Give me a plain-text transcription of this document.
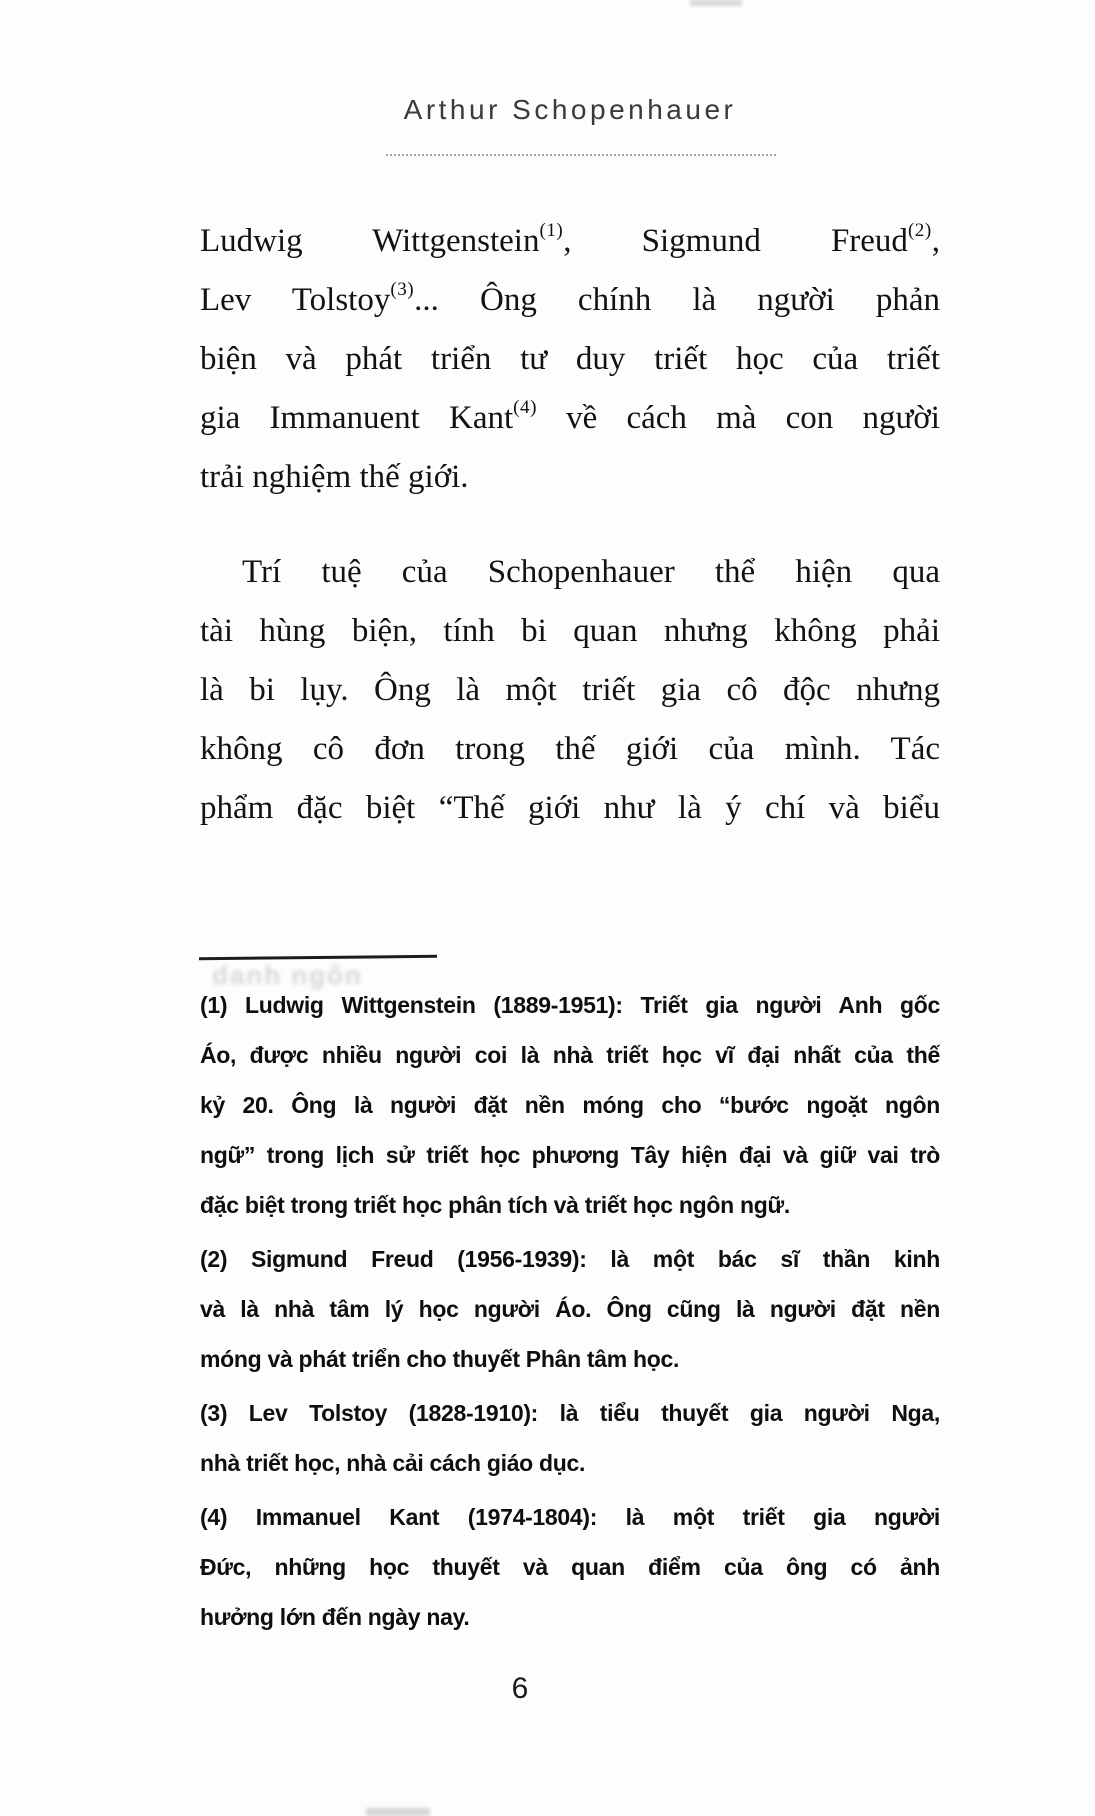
Arthur Schopenhauer
Ludwig Wittgenstein$^{(1)}$, Sigmund Freud$^{(2)}$,
Lev Tolstoy$^{(3)}$... Ông chính là người phản
biện và phát triển tư duy triết học của triết
gia Immanuent Kant$^{(4)}$ về cách mà con người
trải nghiệm thế giới.
Trí tuệ của Schopenhauer thể hiện qua
tài hùng biện, tính bi quan nhưng không phải
là bi lụy. Ông là một triết gia cô độc nhưng
không cô đơn trong thế giới của mình. Tác
phẩm đặc biệt “Thế giới như là ý chí và biểu
danh ngôn
(1) Ludwig Wittgenstein (1889-1951): Triết gia người Anh gốc
Áo, được nhiều người coi là nhà triết học vĩ đại nhất của thế
kỷ 20. Ông là người đặt nền móng cho “bước ngoặt ngôn
ngữ” trong lịch sử triết học phương Tây hiện đại và giữ vai trò
đặc biệt trong triết học phân tích và triết học ngôn ngữ.
(2) Sigmund Freud (1956-1939): là một bác sĩ thần kinh
và là nhà tâm lý học người Áo. Ông cũng là người đặt nền
móng và phát triển cho thuyết Phân tâm học.
(3) Lev Tolstoy (1828-1910): là tiểu thuyết gia người Nga,
nhà triết học, nhà cải cách giáo dục.
(4) Immanuel Kant (1974-1804): là một triết gia người
Đức, những học thuyết và quan điểm của ông có ảnh
hưởng lớn đến ngày nay.
6
